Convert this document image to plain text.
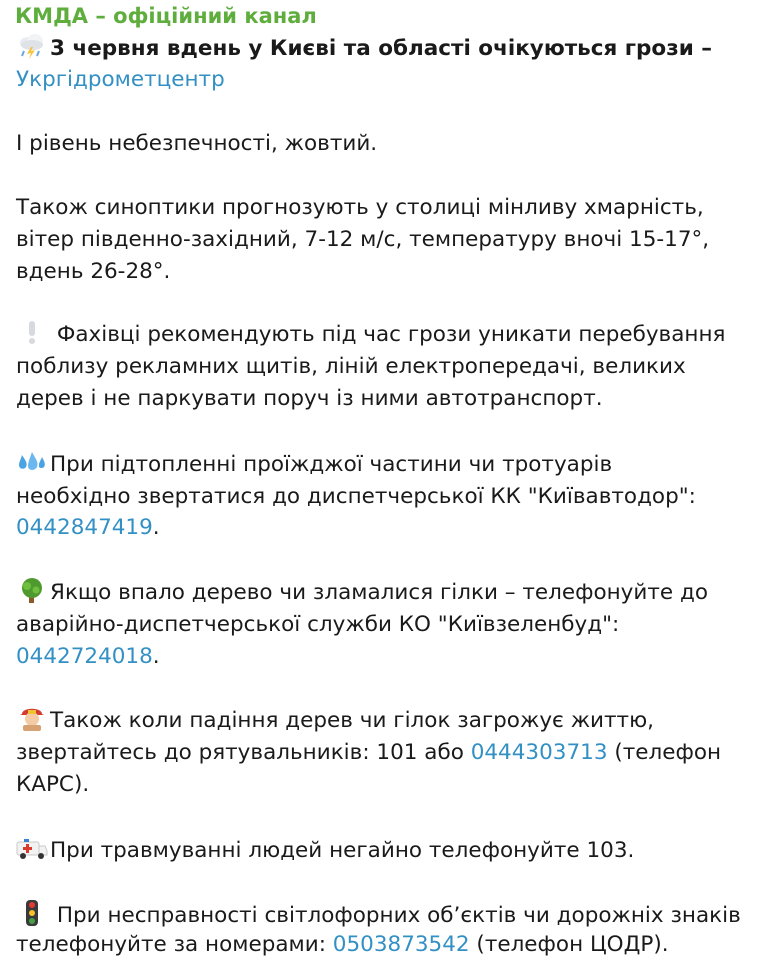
КМДА – офіційний канал
3 червня вдень у Києві та області очікуються грози –
Укргідрометцентр
І рівень небезпечності, жовтий.
Також синоптики прогнозують у столиці мінливу хмарність,
вітер південно-західний, 7-12 м/с, температуру вночі 15-17°,
вдень 26-28°.
Фахівці рекомендують під час грози уникати перебування
поблизу рекламних щитів, ліній електропередачі, великих
дерев і не паркувати поруч із ними автотранспорт.
При підтопленні проїжджої частини чи тротуарів
необхідно звертатися до диспетчерської КК "Київавтодор":
0442847419.
Якщо впало дерево чи зламалися гілки – телефонуйте до
аварійно-диспетчерської служби КО "Київзеленбуд":
0442724018.
Також коли падіння дерев чи гілок загрожує життю,
звертайтесь до рятувальників: 101 або 0444303713 (телефон
КАРС).
При травмуванні людей негайно телефонуйте 103.
При несправності світлофорних об’єктів чи дорожніх знаків
телефонуйте за номерами: 0503873542 (телефон ЦОДР).
